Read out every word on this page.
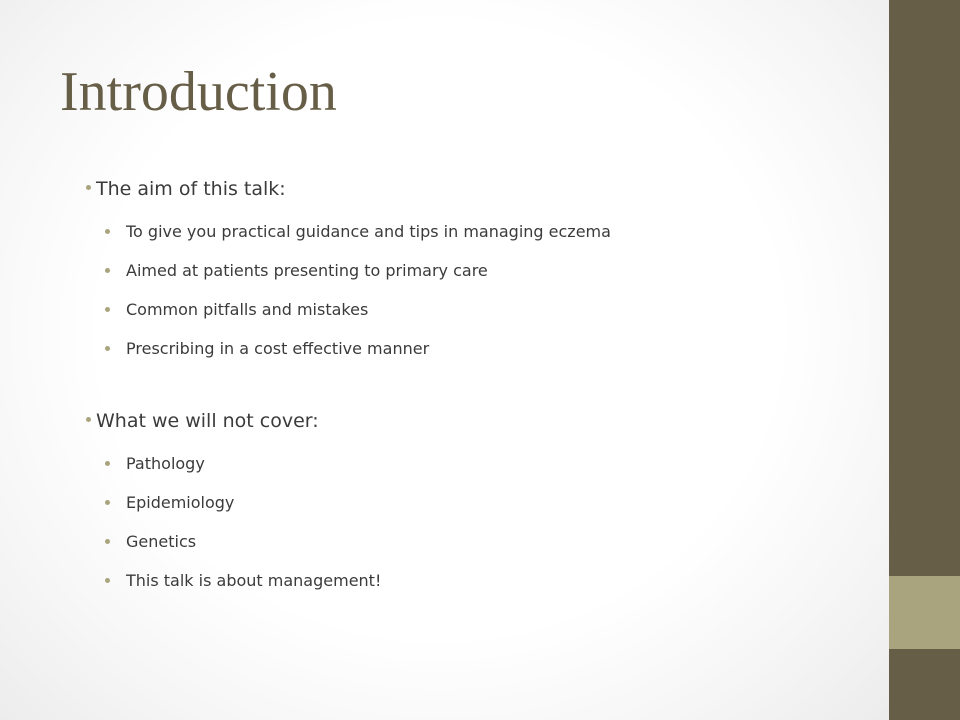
Introduction
The aim of this talk:
To give you practical guidance and tips in managing eczema
Aimed at patients presenting to primary care
Common pitfalls and mistakes
Prescribing in a cost effective manner
What we will not cover:
Pathology
Epidemiology
Genetics
This talk is about management!
